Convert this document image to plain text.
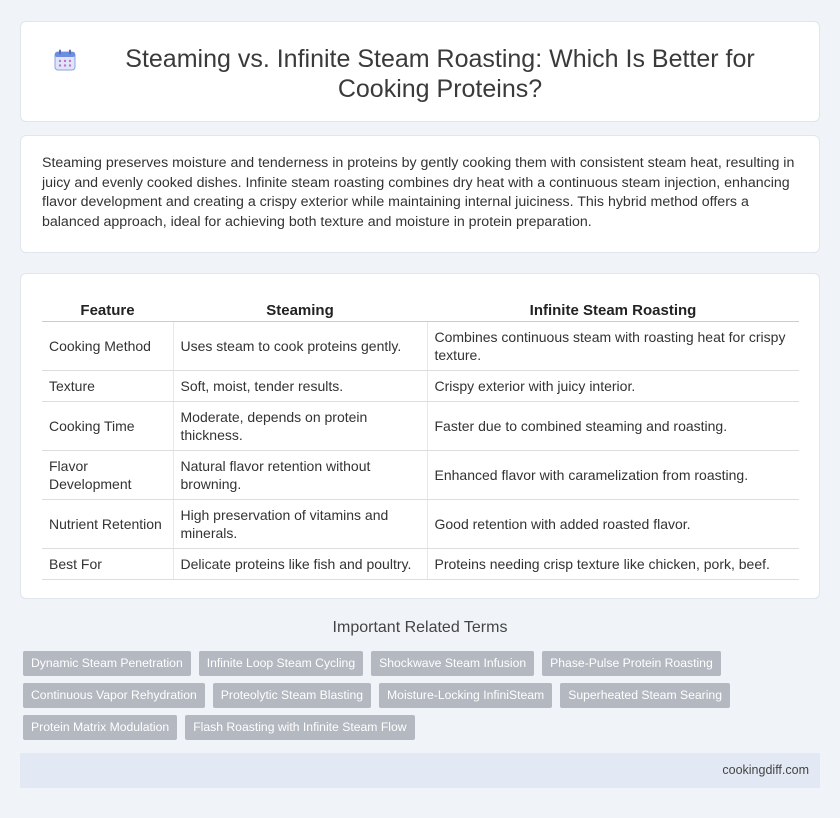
Steaming vs. Infinite Steam Roasting: Which Is Better for Cooking Proteins?

Steaming preserves moisture and tenderness in proteins by gently cooking them with consistent steam heat, resulting in juicy and evenly cooked dishes. Infinite steam roasting combines dry heat with a continuous steam injection, enhancing flavor development and creating a crispy exterior while maintaining internal juiciness. This hybrid method offers a balanced approach, ideal for achieving both texture and moisture in protein preparation.

Feature	Steaming	Infinite Steam Roasting
Cooking Method	Uses steam to cook proteins gently.	Combines continuous steam with roasting heat for crispy texture.
Texture	Soft, moist, tender results.	Crispy exterior with juicy interior.
Cooking Time	Moderate, depends on protein thickness.	Faster due to combined steaming and roasting.
Flavor Development	Natural flavor retention without browning.	Enhanced flavor with caramelization from roasting.
Nutrient Retention	High preservation of vitamins and minerals.	Good retention with added roasted flavor.
Best For	Delicate proteins like fish and poultry.	Proteins needing crisp texture like chicken, pork, beef.
Important Related Terms
Dynamic Steam Penetration	Infinite Loop Steam Cycling	Shockwave Steam Infusion	Phase-Pulse Protein Roasting
Continuous Vapor Rehydration	Proteolytic Steam Blasting	Moisture-Locking InfiniSteam	Superheated Steam Searing
Protein Matrix Modulation	Flash Roasting with Infinite Steam Flow
cookingdiff.com
